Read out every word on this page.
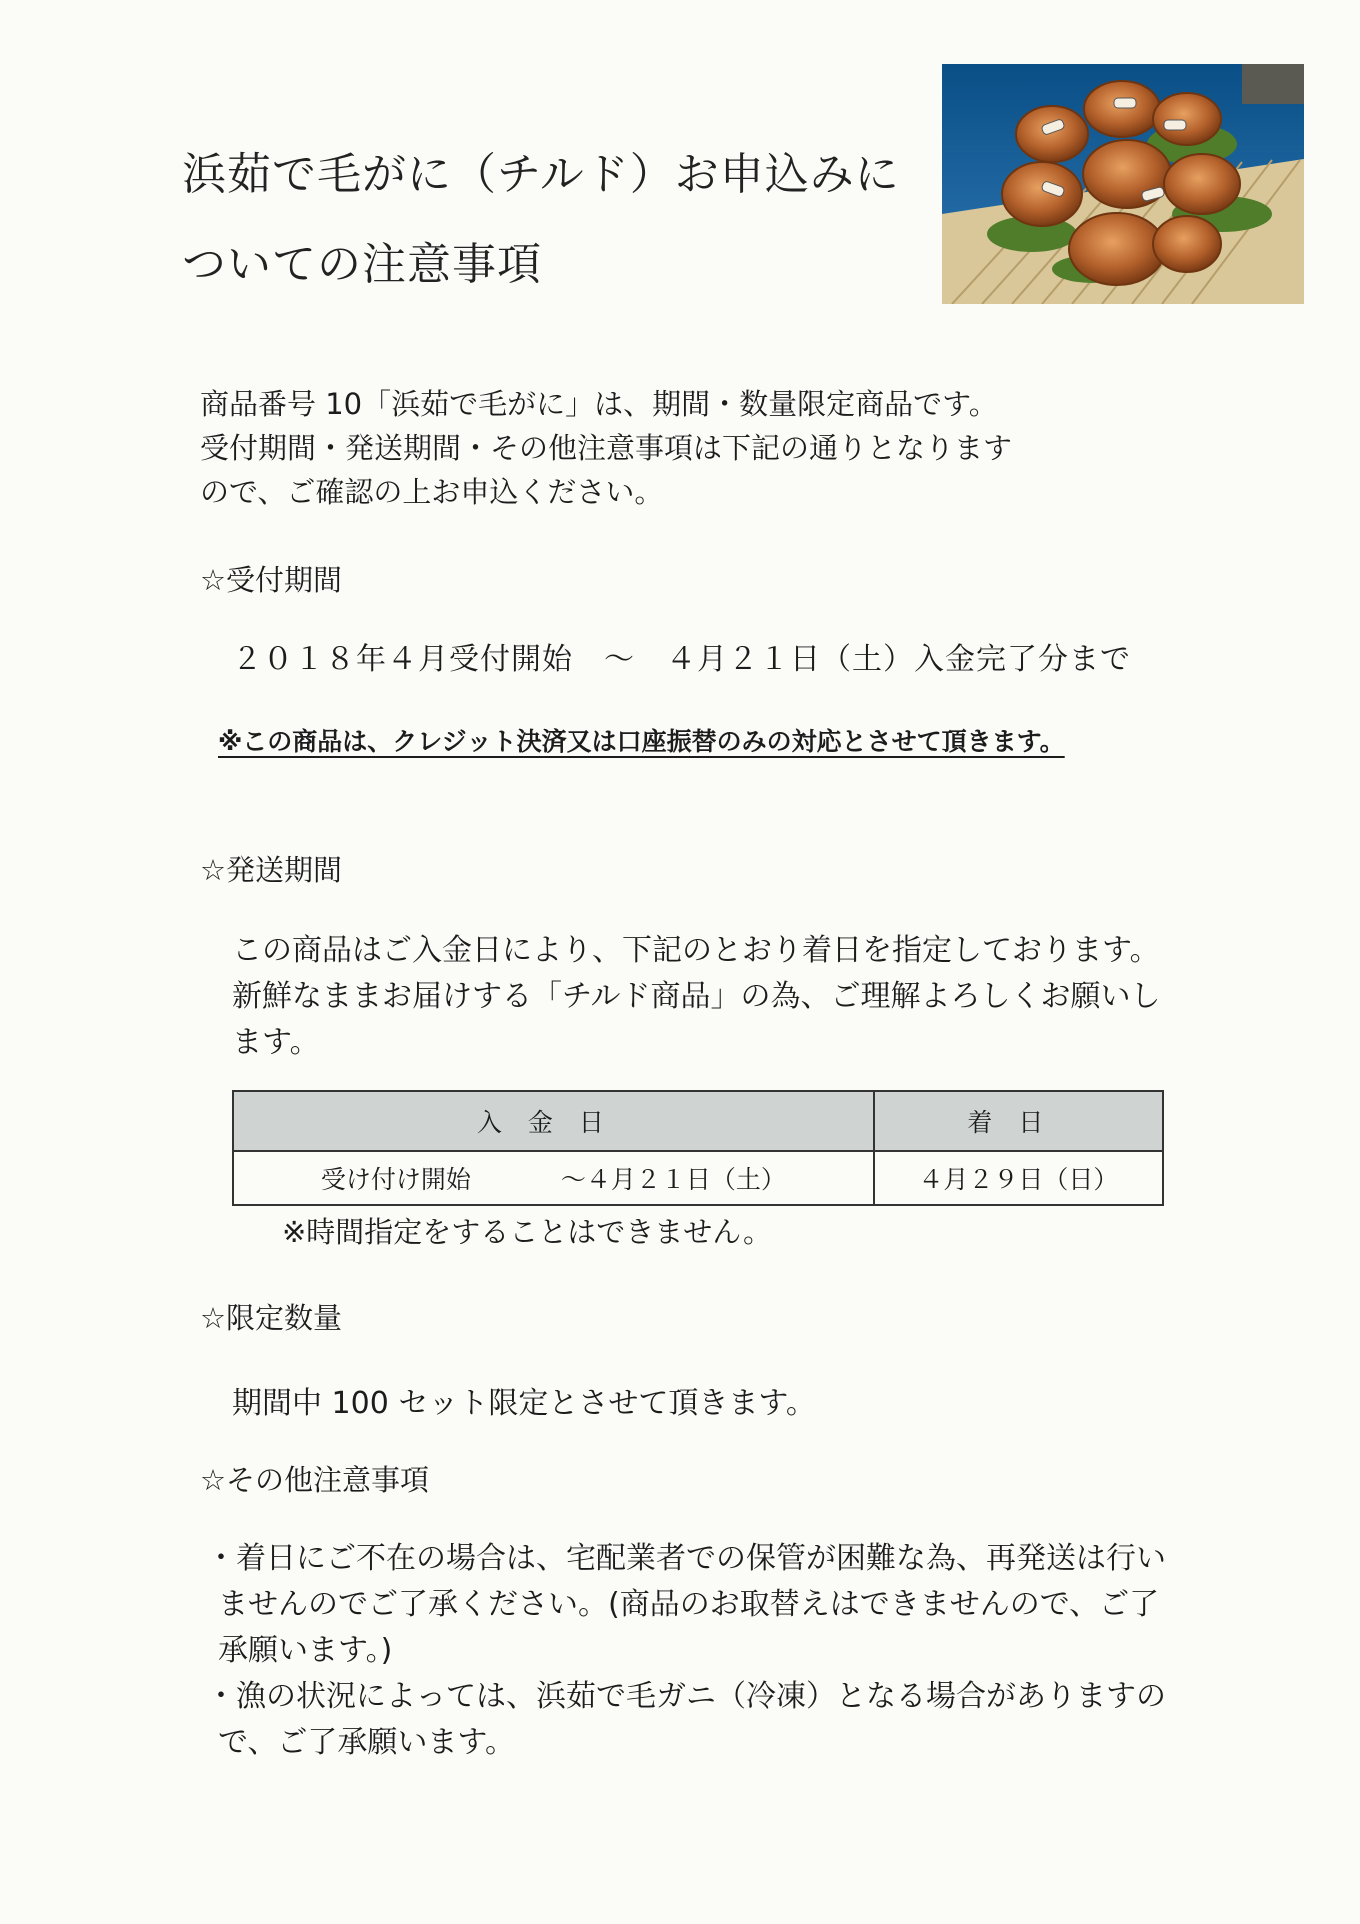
浜茹で毛がに（チルド）お申込みに
ついての注意事項
商品番号 10「浜茹で毛がに」は、期間・数量限定商品です。
受付期間・発送期間・その他注意事項は下記の通りとなります
ので、ご確認の上お申込ください。
☆受付期間
２０１８年４月受付開始　～　４月２１日（土）入金完了分まで
※この商品は、クレジット決済又は口座振替のみの対応とさせて頂きます。
☆発送期間
この商品はご入金日により、下記のとおり着日を指定しております。
新鮮なままお届けする「チルド商品」の為、ご理解よろしくお願いし
ます。
入金日	着日
受け付け開始 ～４月２１日（土）	４月２９日（日）
※時間指定をすることはできません。
☆限定数量
期間中 100 セット限定とさせて頂きます。
☆その他注意事項
・着日にご不在の場合は、宅配業者での保管が困難な為、再発送は行い
ませんのでご了承ください。(商品のお取替えはできませんので、ご了
承願います。)
・漁の状況によっては、浜茹で毛ガニ（冷凍）となる場合がありますの
で、ご了承願います。
